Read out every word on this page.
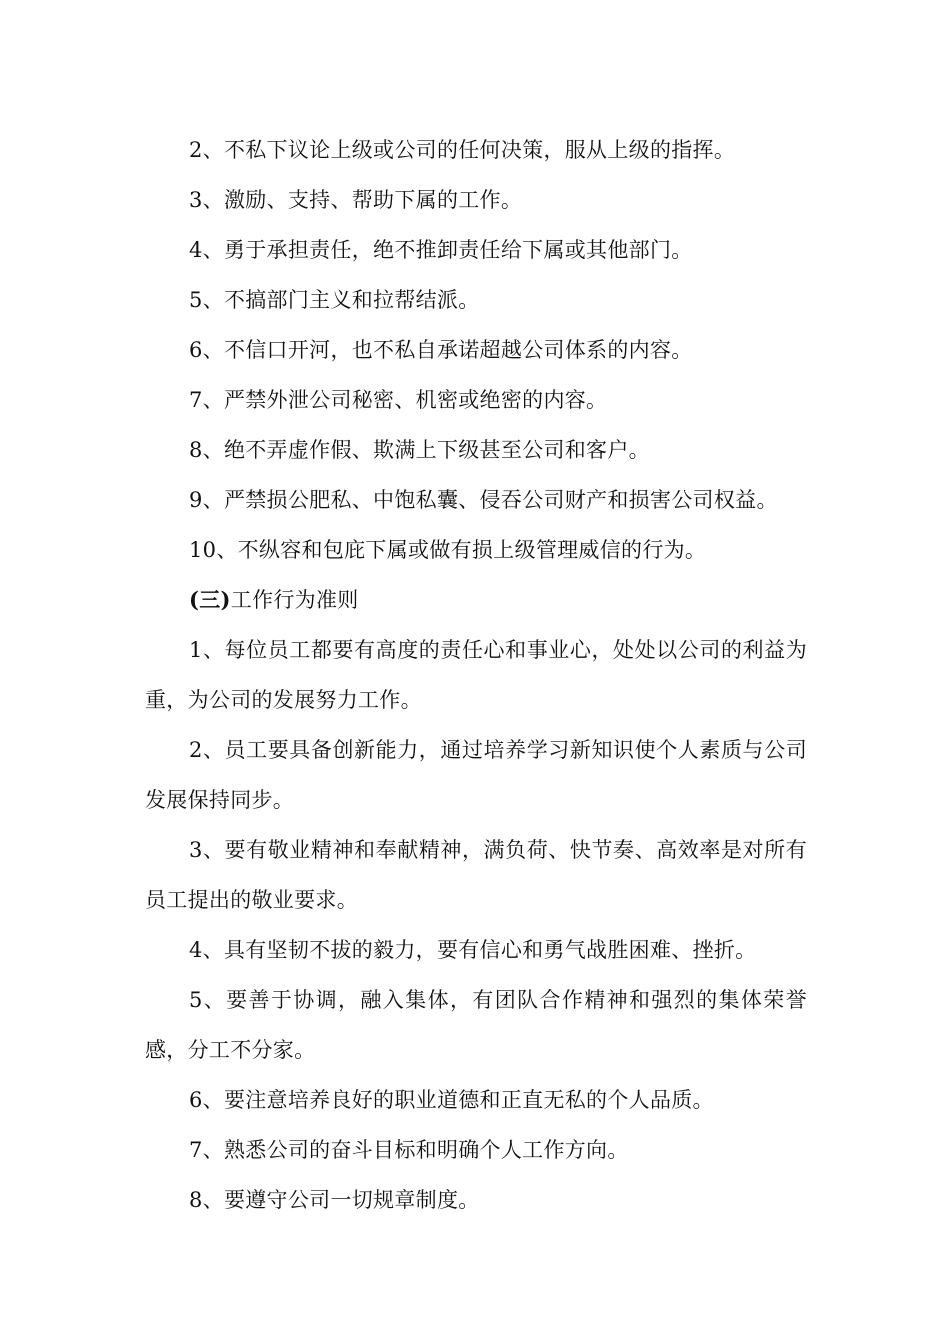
2、不私下议论上级或公司的任何决策，服从上级的指挥。

3、激励、支持、帮助下属的工作。

4、勇于承担责任，绝不推卸责任给下属或其他部门。

5、不搞部门主义和拉帮结派。

6、不信口开河，也不私自承诺超越公司体系的内容。

7、严禁外泄公司秘密、机密或绝密的内容。

8、绝不弄虚作假、欺满上下级甚至公司和客户。

9、严禁损公肥私、中饱私囊、侵吞公司财产和损害公司权益。

10、不纵容和包庇下属或做有损上级管理威信的行为。

(三)工作行为准则

1、每位员工都要有高度的责任心和事业心，处处以公司的利益为重，为公司的发展努力工作。

2、员工要具备创新能力，通过培养学习新知识使个人素质与公司发展保持同步。

3、要有敬业精神和奉献精神，满负荷、快节奏、高效率是对所有员工提出的敬业要求。

4、具有坚韧不拔的毅力，要有信心和勇气战胜困难、挫折。

5、要善于协调，融入集体，有团队合作精神和强烈的集体荣誉感，分工不分家。

6、要注意培养良好的职业道德和正直无私的个人品质。

7、熟悉公司的奋斗目标和明确个人工作方向。

8、要遵守公司一切规章制度。
